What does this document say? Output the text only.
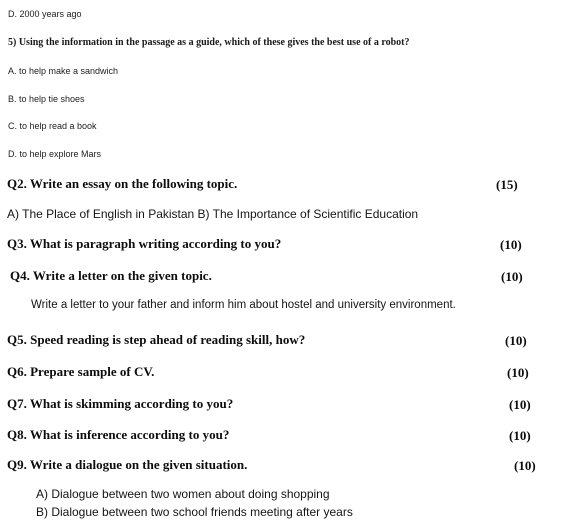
D. 2000 years ago
5) Using the information in the passage as a guide, which of these gives the best use of a robot?
A. to help make a sandwich
B. to help tie shoes
C. to help read a book
D. to help explore Mars
Q2. Write an essay on the following topic.	(15)
A) The Place of English in Pakistan B) The Importance of Scientific Education
Q3. What is paragraph writing according to you?	(10)
Q4. Write a letter on the given topic.	(10)
Write a letter to your father and inform him about hostel and university environment.
Q5. Speed reading is step ahead of reading skill, how?	(10)
Q6. Prepare sample of CV.	(10)
Q7. What is skimming according to you?	(10)
Q8. What is inference according to you?	(10)
Q9. Write a dialogue on the given situation.	(10)
A) Dialogue between two women about doing shopping
B) Dialogue between two school friends meeting after years
